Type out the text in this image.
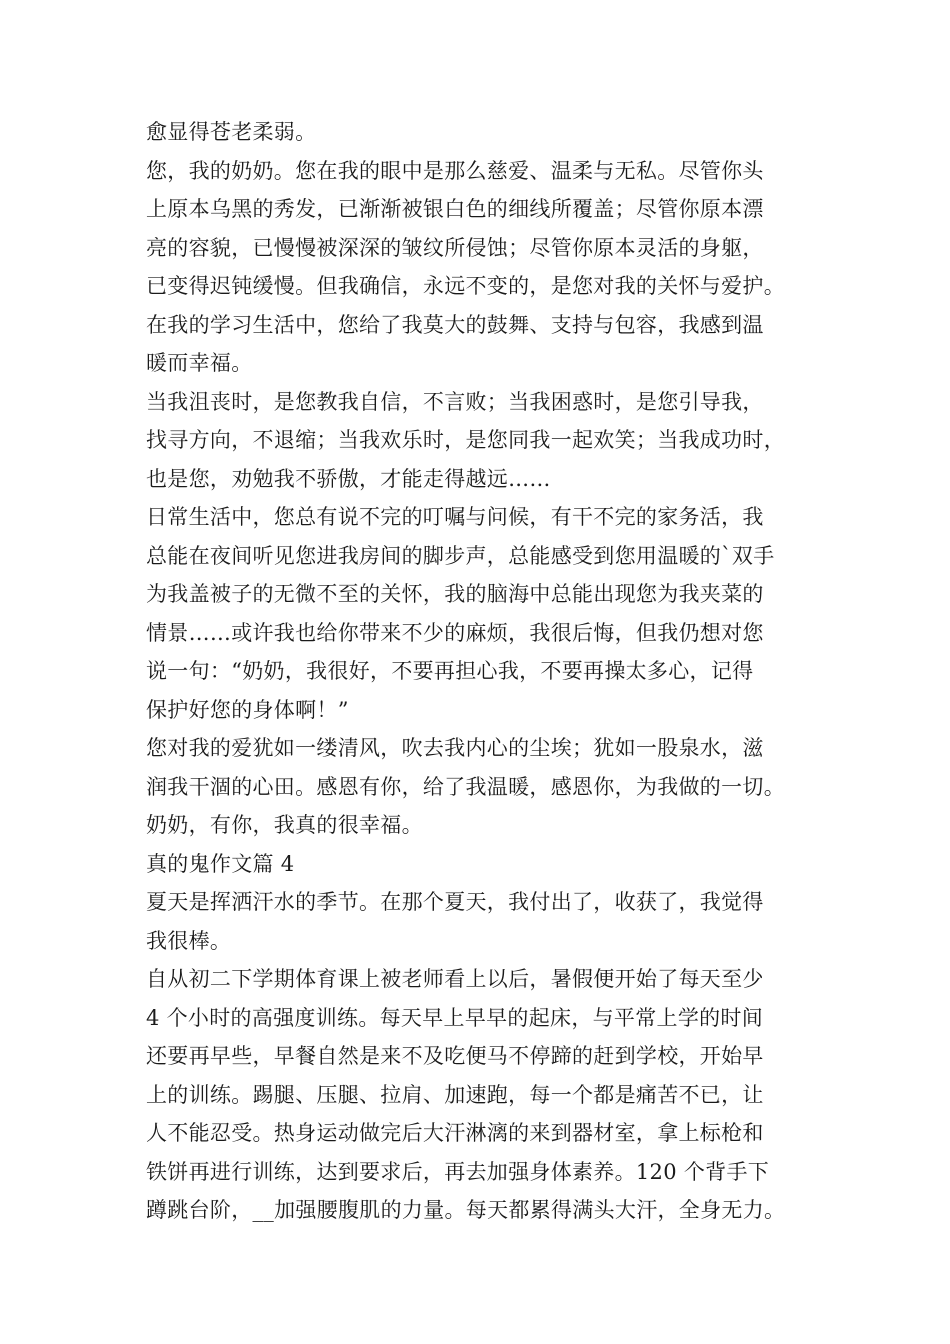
愈显得苍老柔弱。
您，我的奶奶。您在我的眼中是那么慈爱、温柔与无私。尽管你头
上原本乌黑的秀发，已渐渐被银白色的细线所覆盖；尽管你原本漂
亮的容貌，已慢慢被深深的皱纹所侵蚀；尽管你原本灵活的身躯，
已变得迟钝缓慢。但我确信，永远不变的，是您对我的关怀与爱护。
在我的学习生活中，您给了我莫大的鼓舞、支持与包容，我感到温
暖而幸福。
当我沮丧时，是您教我自信，不言败；当我困惑时，是您引导我，
找寻方向，不退缩；当我欢乐时，是您同我一起欢笑；当我成功时，
也是您，劝勉我不骄傲，才能走得越远……
日常生活中，您总有说不完的叮嘱与问候，有干不完的家务活，我
总能在夜间听见您进我房间的脚步声，总能感受到您用温暖的`双手
为我盖被子的无微不至的关怀，我的脑海中总能出现您为我夹菜的
情景……或许我也给你带来不少的麻烦，我很后悔，但我仍想对您
说一句：“奶奶，我很好，不要再担心我，不要再操太多心，记得
保护好您的身体啊！”
您对我的爱犹如一缕清风，吹去我内心的尘埃；犹如一股泉水，滋
润我干涸的心田。感恩有你，给了我温暖，感恩你，为我做的一切。
奶奶，有你，我真的很幸福。
真的鬼作文篇 4
夏天是挥洒汗水的季节。在那个夏天，我付出了，收获了，我觉得
我很棒。
自从初二下学期体育课上被老师看上以后，暑假便开始了每天至少
4 个小时的高强度训练。每天早上早早的起床，与平常上学的时间
还要再早些，早餐自然是来不及吃便马不停蹄的赶到学校，开始早
上的训练。踢腿、压腿、拉肩、加速跑，每一个都是痛苦不已，让
人不能忍受。热身运动做完后大汗淋漓的来到器材室，拿上标枪和
铁饼再进行训练，达到要求后，再去加强身体素养。120 个背手下
蹲跳台阶，__加强腰腹肌的力量。每天都累得满头大汗，全身无力。
